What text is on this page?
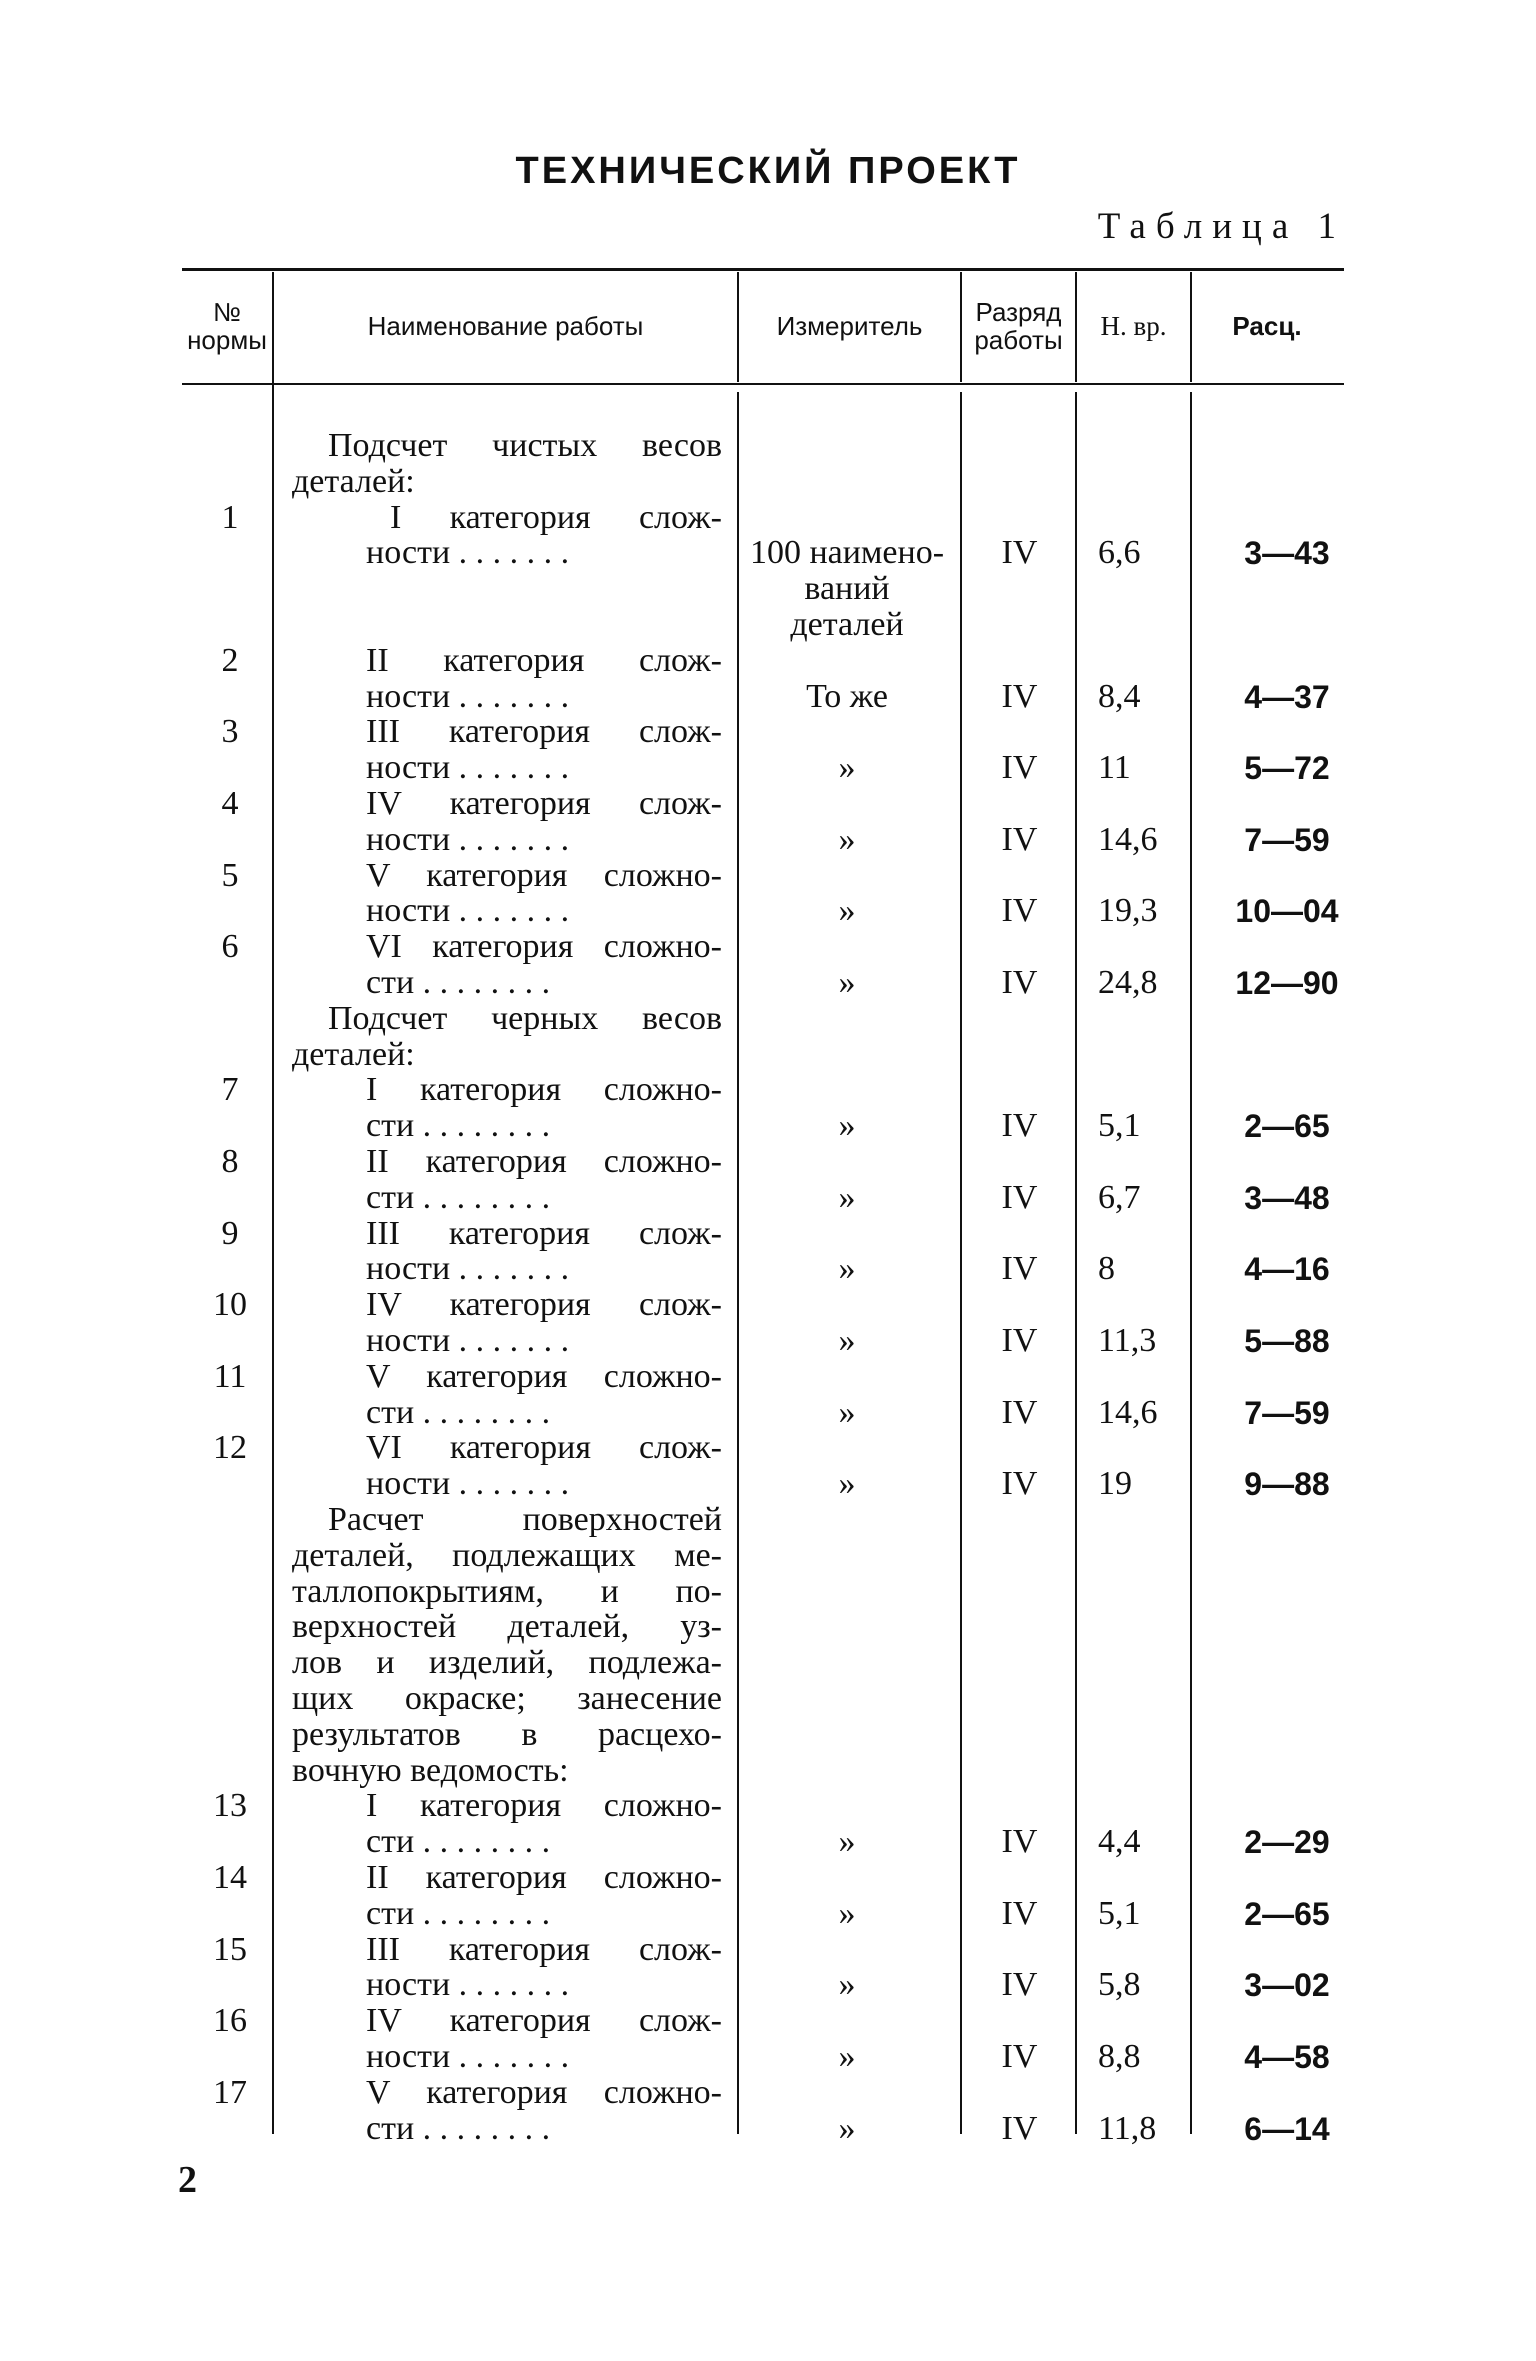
ТЕХНИЧЕСКИЙ ПРОЕКТ
Таблица 1
№
нормы	Наименование работы	Измеритель	Разряд
работы	Н. вр.	Расц.
Подсчет чистых весов
деталей:
1	I категория слож-
ности . . . . . . .	100 наимено-
ваний
деталей
IV	6,6	3—43
2	II категория слож-
ности . . . . . . .	То же	IV	8,4	4—37
3	III категория слож-
ности . . . . . . .	»	IV	11	5—72
4	IV категория слож-
ности . . . . . . .	»	IV	14,6	7—59
5	V категория сложно-
ности . . . . . . .	»	IV	19,3	10—04
6	VI категория сложно-
сти . . . . . . . .	»	IV	24,8	12—90
Подсчет черных весов
деталей:
7	I категория сложно-
сти . . . . . . . .	»	IV	5,1	2—65
8	II категория сложно-
сти . . . . . . . .	»	IV	6,7	3—48
9	III категория слож-
ности . . . . . . .	»	IV	8	4—16
10	IV категория слож-
ности . . . . . . .	»	IV	11,3	5—88
11	V категория сложно-
сти . . . . . . . .	»	IV	14,6	7—59
12	VI категория слож-
ности . . . . . . .	»	IV	19	9—88
Расчет поверхностей
деталей, подлежащих ме-
таллопокрытиям, и по-
верхностей деталей, уз-
лов и изделий, подлежа-
щих окраске; занесение
результатов в расцехо-
вочную ведомость:
13	I категория сложно-
сти . . . . . . . .	»	IV	4,4	2—29
14	II категория сложно-
сти . . . . . . . .	»	IV	5,1	2—65
15	III категория слож-
ности . . . . . . .	»	IV	5,8	3—02
16	IV категория слож-
ности . . . . . . .	»	IV	8,8	4—58
17	V категория сложно-
сти . . . . . . . .	»	IV	11,8	6—14
2
